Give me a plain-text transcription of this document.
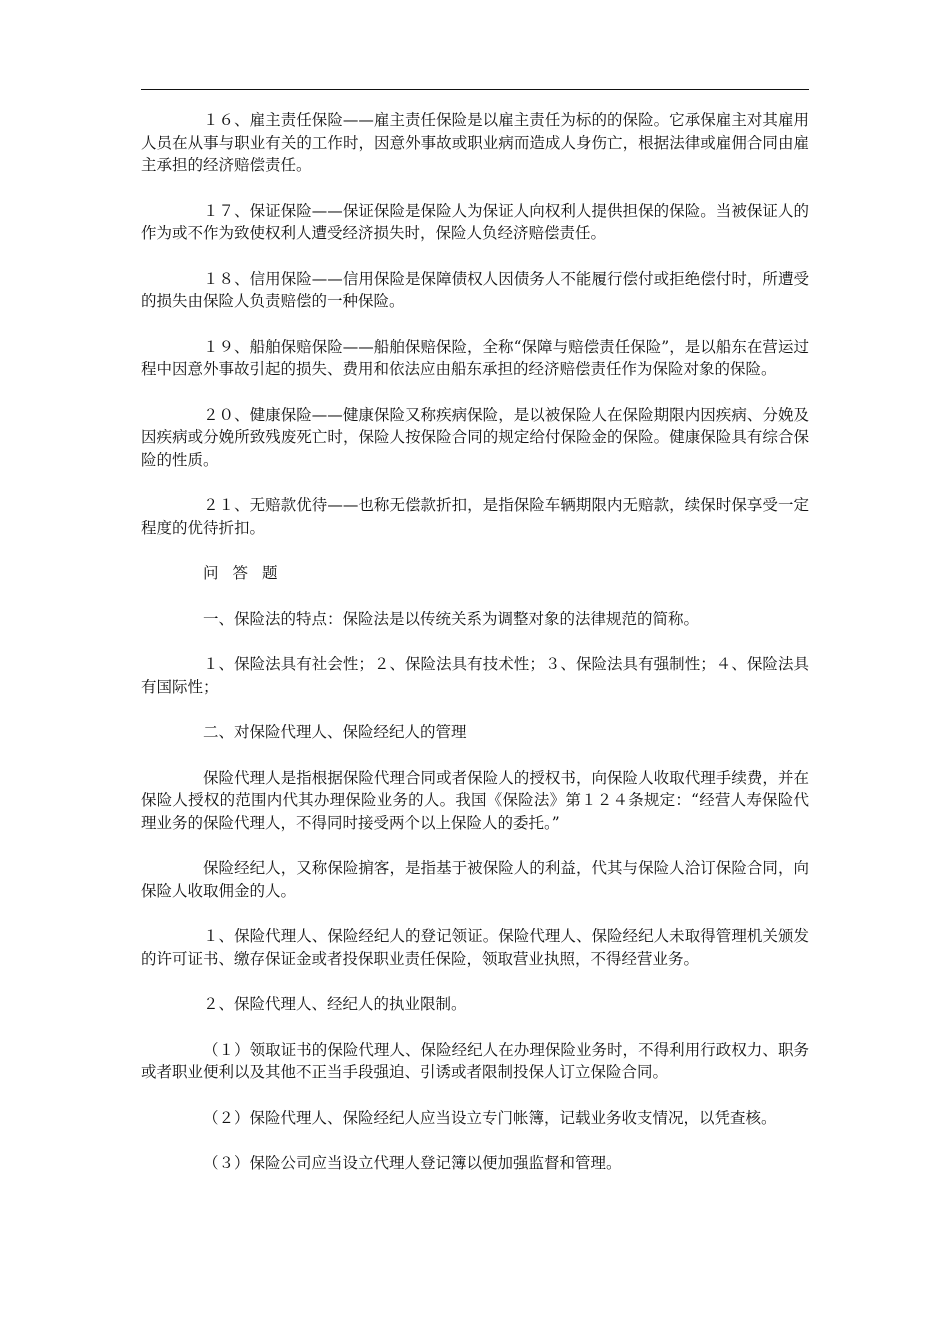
１６、雇主责任保险——雇主责任保险是以雇主责任为标的的保险。它承保雇主对其雇用人员在从事与职业有关的工作时，因意外事故或职业病而造成人身伤亡，根据法律或雇佣合同由雇主承担的经济赔偿责任。

１７、保证保险——保证保险是保险人为保证人向权利人提供担保的保险。当被保证人的作为或不作为致使权利人遭受经济损失时，保险人负经济赔偿责任。

１８、信用保险——信用保险是保障债权人因债务人不能履行偿付或拒绝偿付时，所遭受的损失由保险人负责赔偿的一种保险。

１９、船舶保赔保险——船舶保赔保险，全称“保障与赔偿责任保险”，是以船东在营运过程中因意外事故引起的损失、费用和依法应由船东承担的经济赔偿责任作为保险对象的保险。

２０、健康保险——健康保险又称疾病保险，是以被保险人在保险期限内因疾病、分娩及因疾病或分娩所致残废死亡时，保险人按保险合同的规定给付保险金的保险。健康保险具有综合保险的性质。

２１、无赔款优待——也称无偿款折扣，是指保险车辆期限内无赔款，续保时保享受一定程度的优待折扣。

问答题

一、保险法的特点：保险法是以传统关系为调整对象的法律规范的简称。

１、保险法具有社会性；２、保险法具有技术性；３、保险法具有强制性；４、保险法具有国际性；

二、对保险代理人、保险经纪人的管理

保险代理人是指根据保险代理合同或者保险人的授权书，向保险人收取代理手续费，并在保险人授权的范围内代其办理保险业务的人。我国《保险法》第１２４条规定：“经营人寿保险代理业务的保险代理人，不得同时接受两个以上保险人的委托。”

保险经纪人，又称保险掮客，是指基于被保险人的利益，代其与保险人洽订保险合同，向保险人收取佣金的人。

１、保险代理人、保险经纪人的登记领证。保险代理人、保险经纪人未取得管理机关颁发的许可证书、缴存保证金或者投保职业责任保险，领取营业执照，不得经营业务。

２、保险代理人、经纪人的执业限制。

（１）领取证书的保险代理人、保险经纪人在办理保险业务时，不得利用行政权力、职务或者职业便利以及其他不正当手段强迫、引诱或者限制投保人订立保险合同。

（２）保险代理人、保险经纪人应当设立专门帐簿，记载业务收支情况，以凭查核。

（３）保险公司应当设立代理人登记簿以便加强监督和管理。
